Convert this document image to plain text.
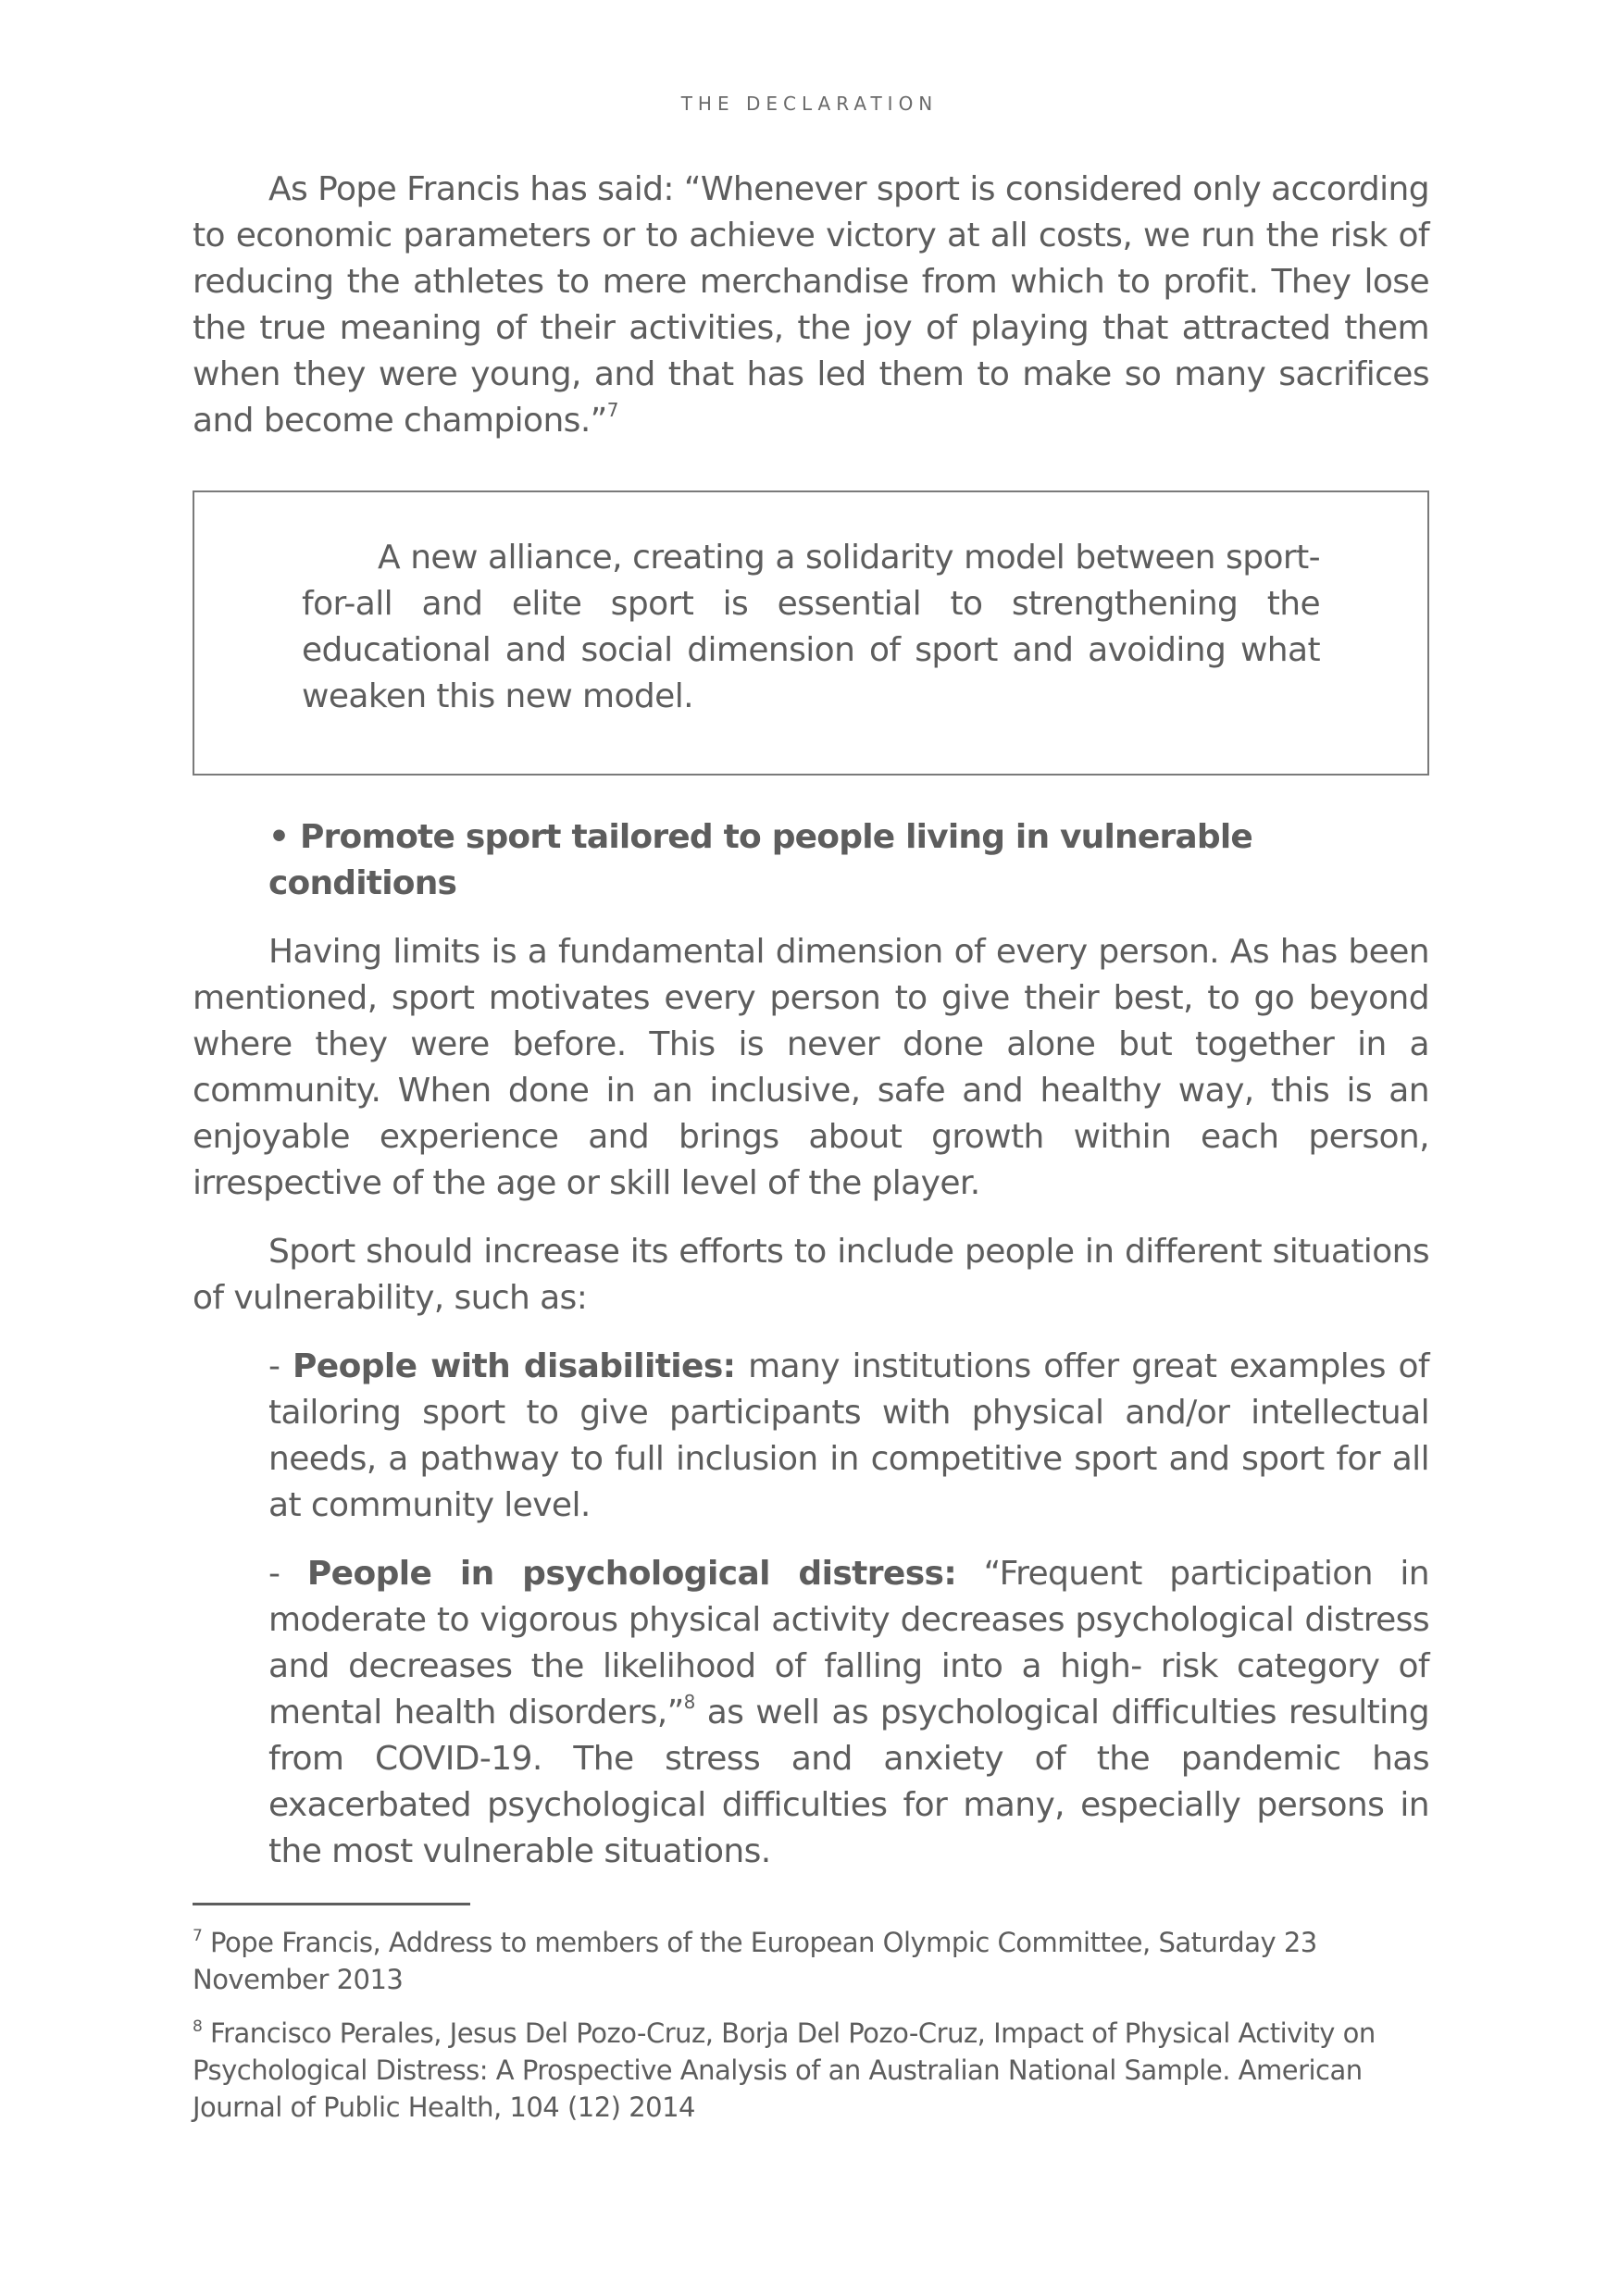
THE DECLARATION

As Pope Francis has said: “Whenever sport is considered only according to economic parameters or to achieve victory at all costs, we run the risk of reducing the athletes to mere merchandise from which to profit. They lose the true meaning of their activities, the joy of playing that attracted them when they were young, and that has led them to make so many sacrifices and become champions.”$^7$

A new alliance, creating a solidarity model between sport-for-all and elite sport is essential to strengthening the educational and social dimension of sport and avoiding what weaken this new model.

• Promote sport tailored to people living in vulnerable conditions

Having limits is a fundamental dimension of every person. As has been mentioned, sport motivates every person to give their best, to go beyond where they were before. This is never done alone but together in a community. When done in an inclusive, safe and healthy way, this is an enjoyable experience and brings about growth within each person, irrespective of the age or skill level of the player.

Sport should increase its efforts to include people in different situations of vulnerability, such as:

- People with disabilities: many institutions offer great examples of tailoring sport to give participants with physical and/or intellectual needs, a pathway to full inclusion in competitive sport and sport for all at community level.

- People in psychological distress: “Frequent participation in moderate to vigorous physical activity decreases psychological distress and decreases the likelihood of falling into a high- risk category of mental health disorders,”$^8$ as well as psychological difficulties resulting from COVID-19. The stress and anxiety of the pandemic has exacerbated psychological difficulties for many, especially persons in the most vulnerable situations.

$^7$ Pope Francis, Address to members of the European Olympic Committee, Saturday 23 November 2013

$^8$ Francisco Perales, Jesus Del Pozo-Cruz, Borja Del Pozo-Cruz, Impact of Physical Activity on Psychological Distress: A Prospective Analysis of an Australian National Sample. American Journal of Public Health, 104 (12) 2014
